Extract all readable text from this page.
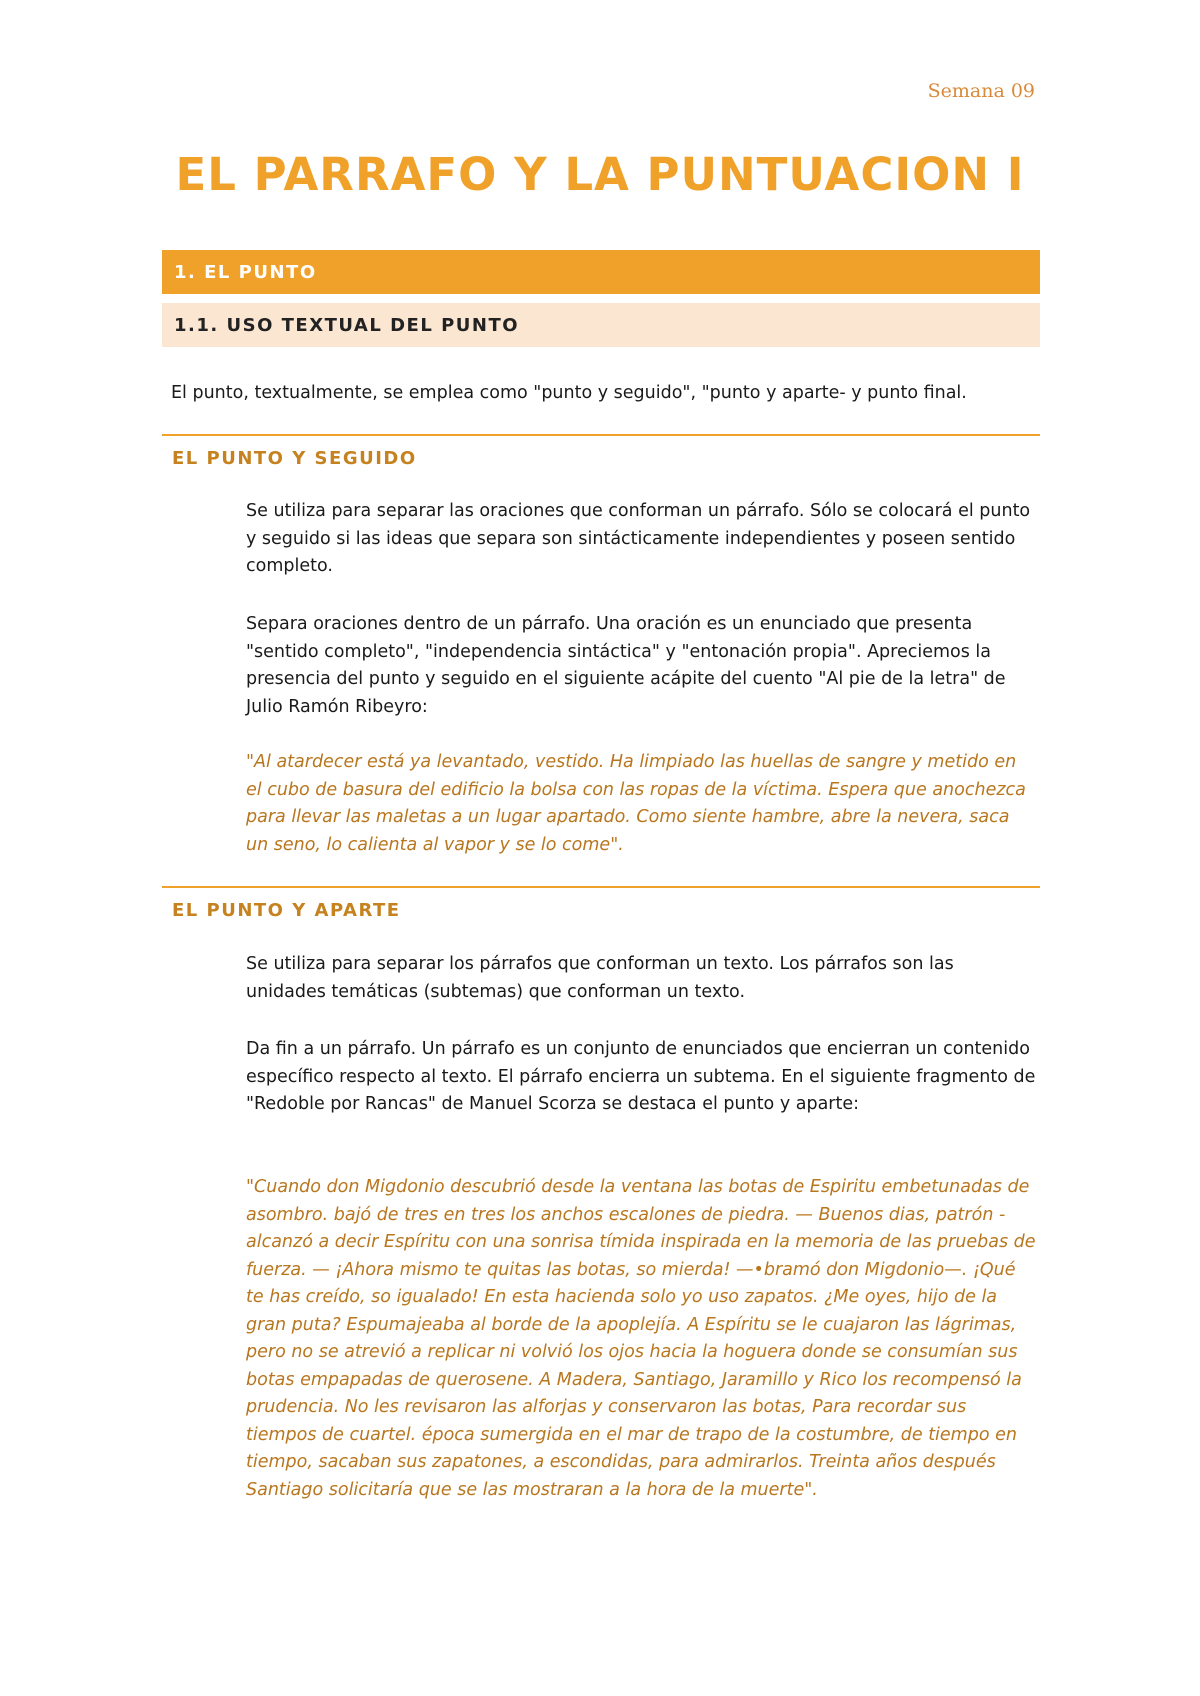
Semana 09
EL PARRAFO Y LA PUNTUACION I
1. EL PUNTO
1.1. USO TEXTUAL DEL PUNTO

El punto, textualmente, se emplea como "punto y seguido", "punto y aparte- y punto final.

EL PUNTO Y SEGUIDO

Se utiliza para separar las oraciones que conforman un párrafo. Sólo se colocará el punto y seguido si las ideas que separa son sintácticamente independientes y poseen sentido completo.

Separa oraciones dentro de un párrafo. Una oración es un enunciado que presenta "sentido completo", "independencia sintáctica" y "entonación propia". Apreciemos la presencia del punto y seguido en el siguiente acápite del cuento "Al pie de la letra" de Julio Ramón Ribeyro:

"Al atardecer está ya levantado, vestido. Ha limpiado las huellas de sangre y metido en el cubo de basura del edificio la bolsa con las ropas de la víctima. Espera que anochezca para llevar las maletas a un lugar apartado. Como siente hambre, abre la nevera, saca un seno, lo calienta al vapor y se lo come".

EL PUNTO Y APARTE

Se utiliza para separar los párrafos que conforman un texto. Los párrafos son las unidades temáticas (subtemas) que conforman un texto.

Da fin a un párrafo. Un párrafo es un conjunto de enunciados que encierran un contenido específico respecto al texto. El párrafo encierra un subtema. En el siguiente fragmento de "Redoble por Rancas" de Manuel Scorza se destaca el punto y aparte:

"Cuando don Migdonio descubrió desde la ventana las botas de Espiritu embetunadas de asombro. bajó de tres en tres los anchos escalones de piedra. — Buenos dias, patrón -alcanzó a decir Espíritu con una sonrisa tímida inspirada en la memoria de las pruebas de fuerza. — ¡Ahora mismo te quitas las botas, so mierda! —•bramó don Migdonio—. ¡Qué te has creído, so igualado! En esta hacienda solo yo uso zapatos. ¿Me oyes, hijo de la gran puta? Espumajeaba al borde de la apoplejía. A Espíritu se le cuajaron las lágrimas, pero no se atrevió a replicar ni volvió los ojos hacia la hoguera donde se consumían sus botas empapadas de querosene. A Madera, Santiago, Jaramillo y Rico los recompensó la prudencia. No les revisaron las alforjas y conservaron las botas, Para recordar sus tiempos de cuartel. época sumergida en el mar de trapo de la costumbre, de tiempo en tiempo, sacaban sus zapatones, a escondidas, para admirarlos. Treinta años después Santiago solicitaría que se las mostraran a la hora de la muerte".
